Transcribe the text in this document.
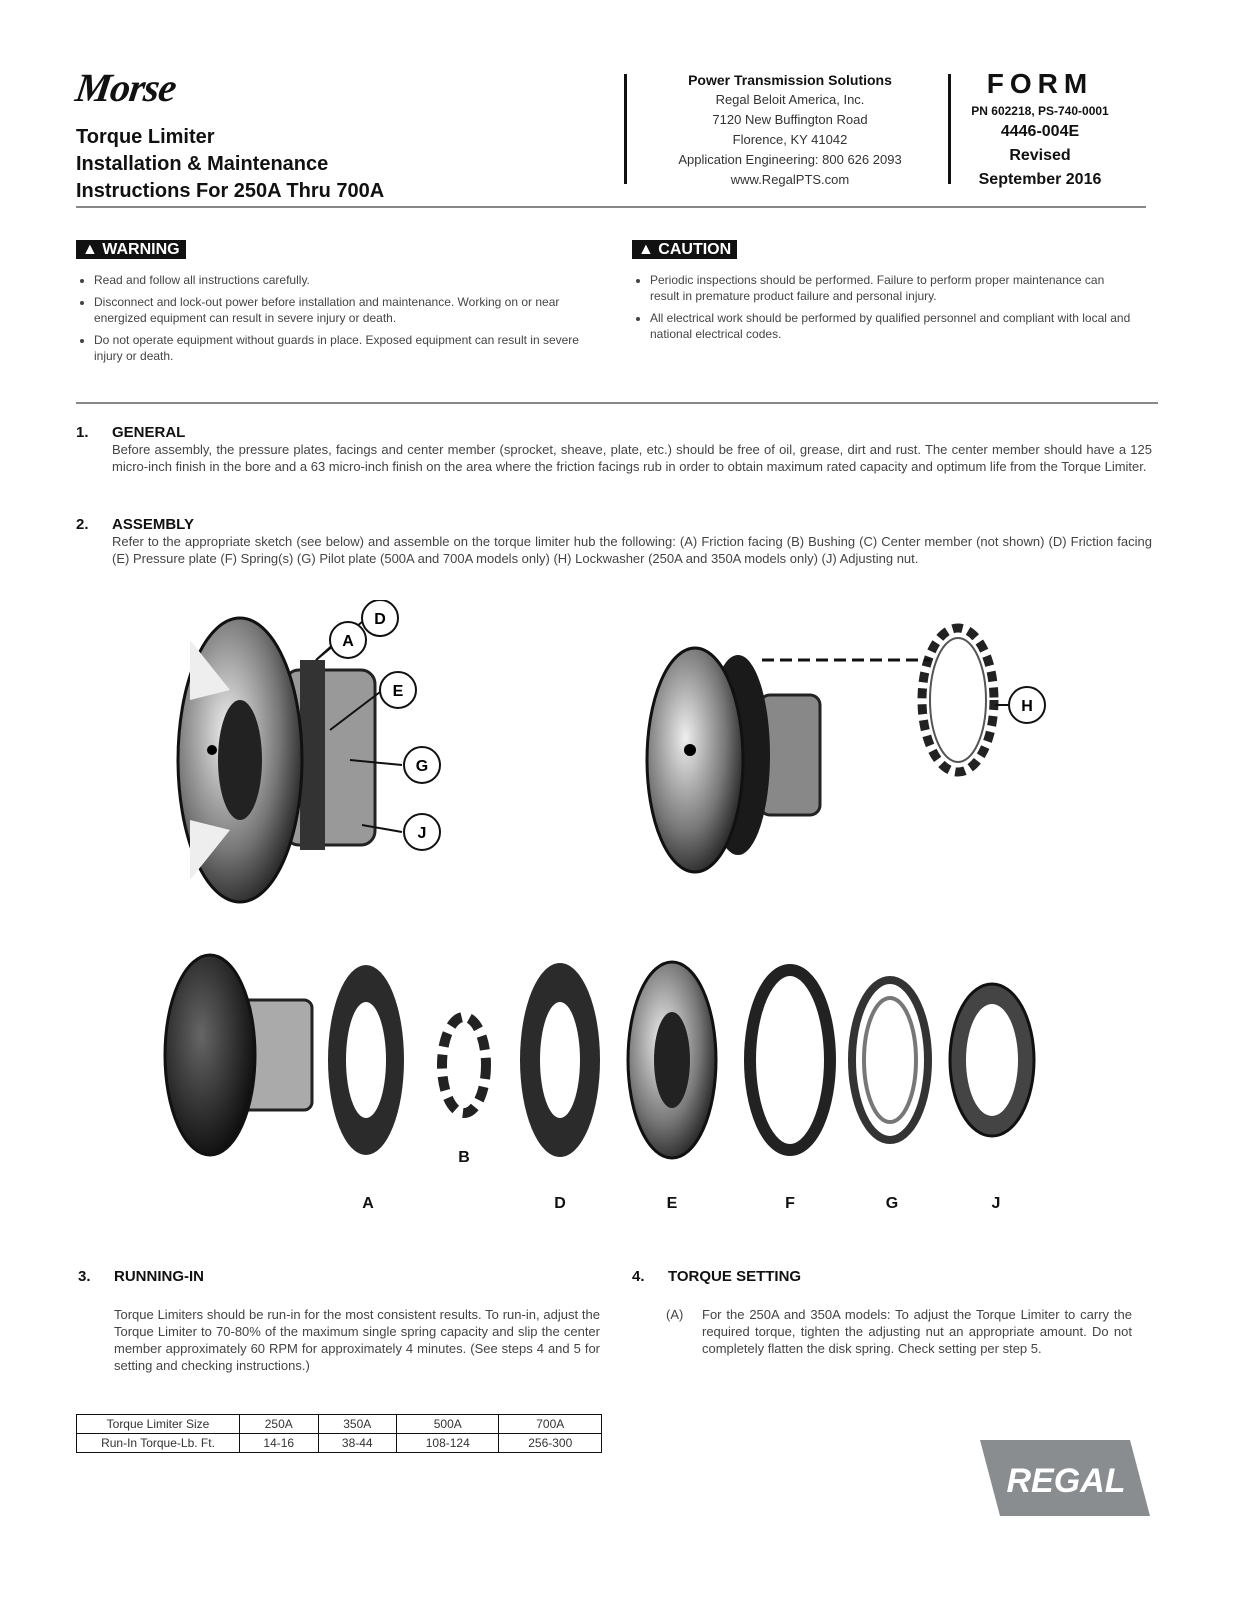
Morse
Torque Limiter
Installation & Maintenance
Instructions For 250A Thru 700A
Power Transmission Solutions
Regal Beloit America, Inc.
7120 New Buffington Road
Florence, KY 41042
Application Engineering: 800 626 2093
www.RegalPTS.com
FORM
PN 602218, PS-740-0001
4446-004E
Revised
September 2016
▲ WARNING
• Read and follow all instructions carefully.
• Disconnect and lock-out power before installation and maintenance. Working on or near energized equipment can result in severe injury or death.
• Do not operate equipment without guards in place. Exposed equipment can result in severe injury or death.
▲ CAUTION
• Periodic inspections should be performed. Failure to perform proper maintenance can result in premature product failure and personal injury.
• All electrical work should be performed by qualified personnel and compliant with local and national electrical codes.
1. GENERAL
Before assembly, the pressure plates, facings and center member (sprocket, sheave, plate, etc.) should be free of oil, grease, dirt and rust. The center member should have a 125 micro-inch finish in the bore and a 63 micro-inch finish on the area where the friction facings rub in order to obtain maximum rated capacity and optimum life from the Torque Limiter.
2. ASSEMBLY
Refer to the appropriate sketch (see below) and assemble on the torque limiter hub the following: (A) Friction facing (B) Bushing (C) Center member (not shown) (D) Friction facing (E) Pressure plate (F) Spring(s) (G) Pilot plate (500A and 700A models only) (H) Lockwasher (250A and 350A models only) (J) Adjusting nut.
D
A
E
G
J
H
A
B
D	E	F	G	J
3. RUNNING-IN
Torque Limiters should be run-in for the most consistent results. To run-in, adjust the Torque Limiter to 70-80% of the maximum single spring capacity and slip the center member approximately 60 RPM for approximately 4 minutes. (See steps 4 and 5 for setting and checking instructions.)
Torque Limiter Size	250A	350A	500A	700A
Run-In Torque-Lb. Ft.	14-16	38-44	108-124	256-300
4. TORQUE SETTING
(A)	For the 250A and 350A models: To adjust the Torque Limiter to carry the required torque, tighten the adjusting nut an appropriate amount. Do not completely flatten the disk spring. Check setting per step 5.
REGAL
